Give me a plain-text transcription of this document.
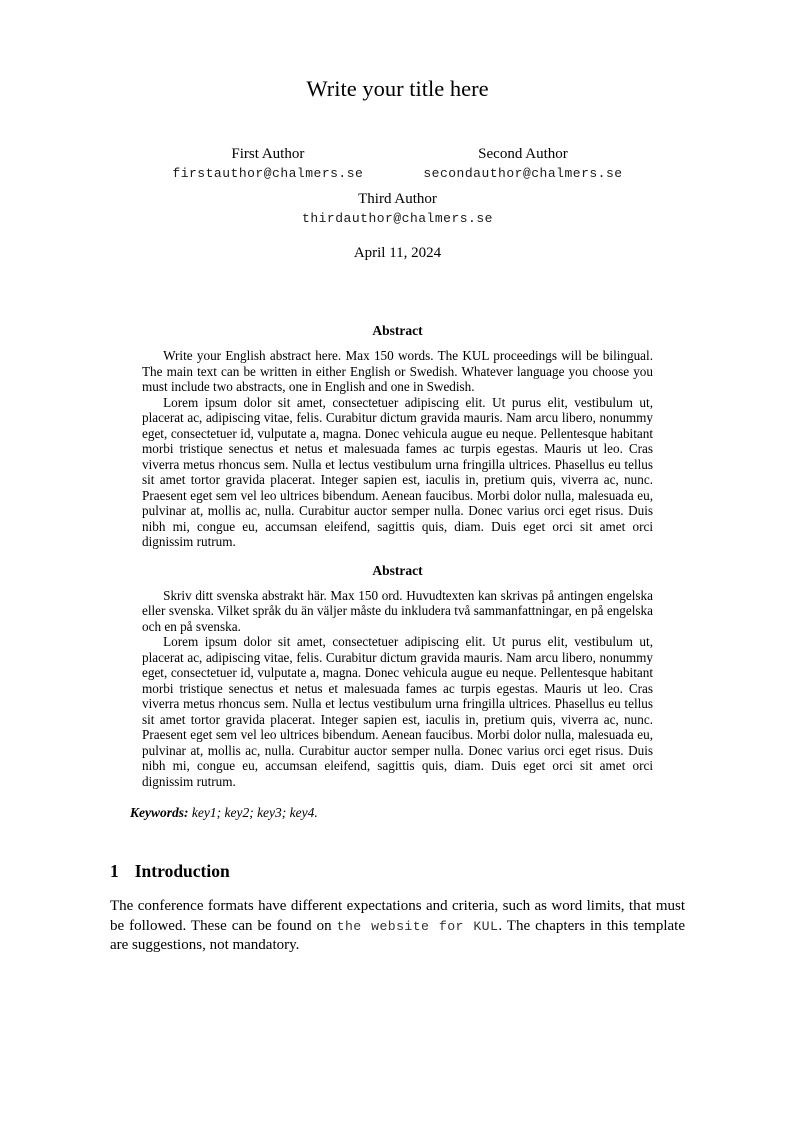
Write your title here
First Author
firstauthor@chalmers.se
Second Author
secondauthor@chalmers.se
Third Author
thirdauthor@chalmers.se
April 11, 2024
Abstract

Write your English abstract here. Max 150 words. The KUL proceedings will be bilingual. The main text can be written in either English or Swedish. Whatever language you choose you must include two abstracts, one in English and one in Swedish.

Lorem ipsum dolor sit amet, consectetuer adipiscing elit. Ut purus elit, vestibulum ut, placerat ac, adipiscing vitae, felis. Curabitur dictum gravida mauris. Nam arcu libero, nonummy eget, consectetuer id, vulputate a, magna. Donec vehicula augue eu neque. Pellentesque habitant morbi tristique senectus et netus et malesuada fames ac turpis egestas. Mauris ut leo. Cras viverra metus rhoncus sem. Nulla et lectus vestibulum urna fringilla ultrices. Phasellus eu tellus sit amet tortor gravida placerat. Integer sapien est, iaculis in, pretium quis, viverra ac, nunc. Praesent eget sem vel leo ultrices bibendum. Aenean faucibus. Morbi dolor nulla, malesuada eu, pulvinar at, mollis ac, nulla. Curabitur auctor semper nulla. Donec varius orci eget risus. Duis nibh mi, congue eu, accumsan eleifend, sagittis quis, diam. Duis eget orci sit amet orci dignissim rutrum.

Abstract

Skriv ditt svenska abstrakt här. Max 150 ord. Huvudtexten kan skrivas på antingen engelska eller svenska. Vilket språk du än väljer måste du inkludera två sammanfattningar, en på engelska och en på svenska.

Lorem ipsum dolor sit amet, consectetuer adipiscing elit. Ut purus elit, vestibulum ut, placerat ac, adipiscing vitae, felis. Curabitur dictum gravida mauris. Nam arcu libero, nonummy eget, consectetuer id, vulputate a, magna. Donec vehicula augue eu neque. Pellentesque habitant morbi tristique senectus et netus et malesuada fames ac turpis egestas. Mauris ut leo. Cras viverra metus rhoncus sem. Nulla et lectus vestibulum urna fringilla ultrices. Phasellus eu tellus sit amet tortor gravida placerat. Integer sapien est, iaculis in, pretium quis, viverra ac, nunc. Praesent eget sem vel leo ultrices bibendum. Aenean faucibus. Morbi dolor nulla, malesuada eu, pulvinar at, mollis ac, nulla. Curabitur auctor semper nulla. Donec varius orci eget risus. Duis nibh mi, congue eu, accumsan eleifend, sagittis quis, diam. Duis eget orci sit amet orci dignissim rutrum.

Keywords: key1; key2; key3; key4.
1 Introduction

The conference formats have different expectations and criteria, such as word limits, that must be followed. These can be found on the website for KUL. The chapters in this template are suggestions, not mandatory.
